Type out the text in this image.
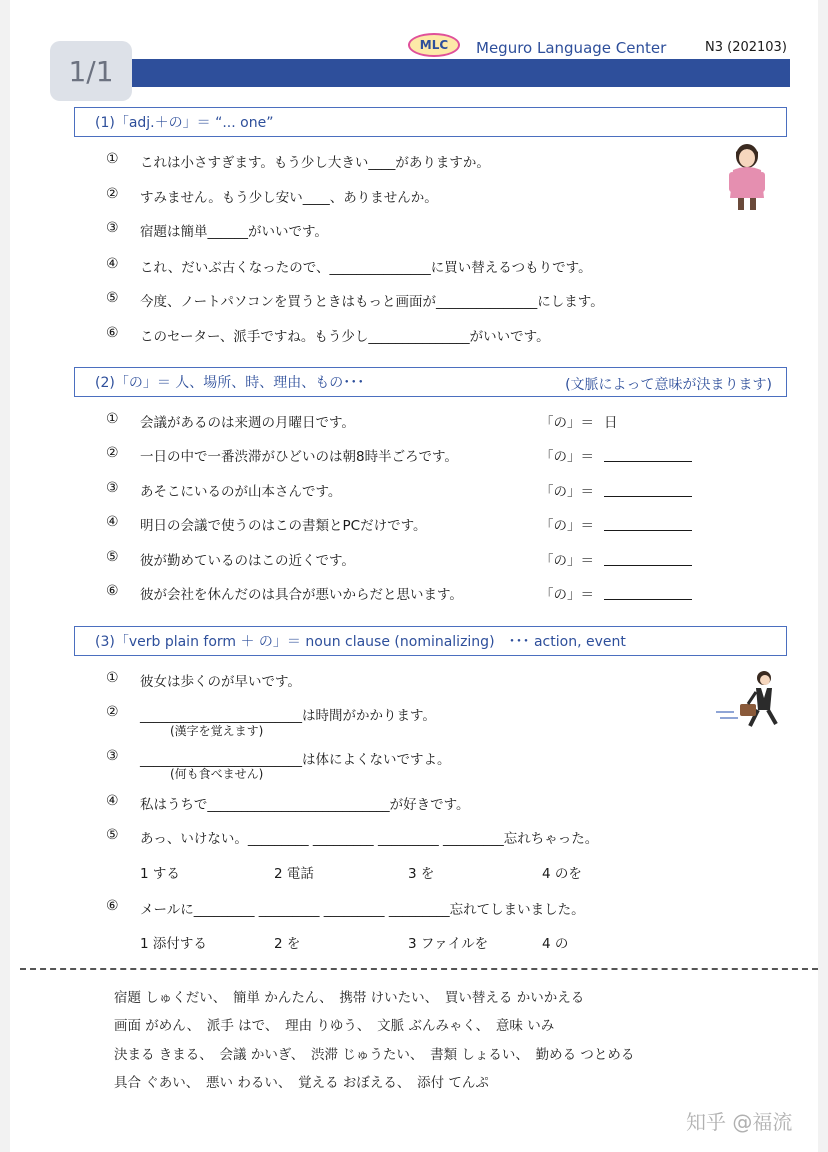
1/1
MLC	Meguro Language Center	N3 (202103)
(1)「adj.＋の」＝ “... one”
① これは小さすぎます。もう少し大きい____がありますか。
② すみません。もう少し安い____、ありませんか。
③ 宿題は簡単______がいいです。
④ これ、だいぶ古くなったので、_______________に買い替えるつもりです。
⑤ 今度、ノートパソコンを買うときはもっと画面が_______________にします。
⑥ このセーター、派手ですね。もう少し_______________がいいです。
(2)「の」＝ 人、場所、時、理由、もの･･･	(文脈によって意味が決まります)
① 会議があるのは来週の月曜日です。	「の」＝ 日
② 一日の中で一番渋滞がひどいのは朝8時半ごろです。	「の」＝
③ あそこにいるのが山本さんです。	「の」＝
④ 明日の会議で使うのはこの書類とPCだけです。	「の」＝
⑤ 彼が勤めているのはこの近くです。	「の」＝
⑥ 彼が会社を休んだのは具合が悪いからだと思います。	「の」＝
(3)「verb plain form ＋ の」＝ noun clause (nominalizing)　･･･ action, event
① 彼女は歩くのが早いです。
② ________________________は時間がかかります。
(漢字を覚えます)
③ ________________________は体によくないですよ。
(何も食べません)
④ 私はうちで___________________________が好きです。
⑤ あっ、いけない。_________ _________ _________ _________忘れちゃった。
1 する	2 電話	3 を	4 のを
⑥ メールに_________ _________ _________ _________忘れてしまいました。
1 添付する	2 を	3 ファイルを	4 の
宿題 しゅくだい、　簡単 かんたん、　携帯 けいたい、　買い替える かいかえる
画面 がめん、　派手 はで、　理由 りゆう、　文脈 ぶんみゃく、　意味 いみ
決まる きまる、　会議 かいぎ、　渋滞 じゅうたい、　書類 しょるい、　勤める つとめる
具合 ぐあい、　悪い わるい、　覚える おぼえる、　添付 てんぷ
知乎 @福流
